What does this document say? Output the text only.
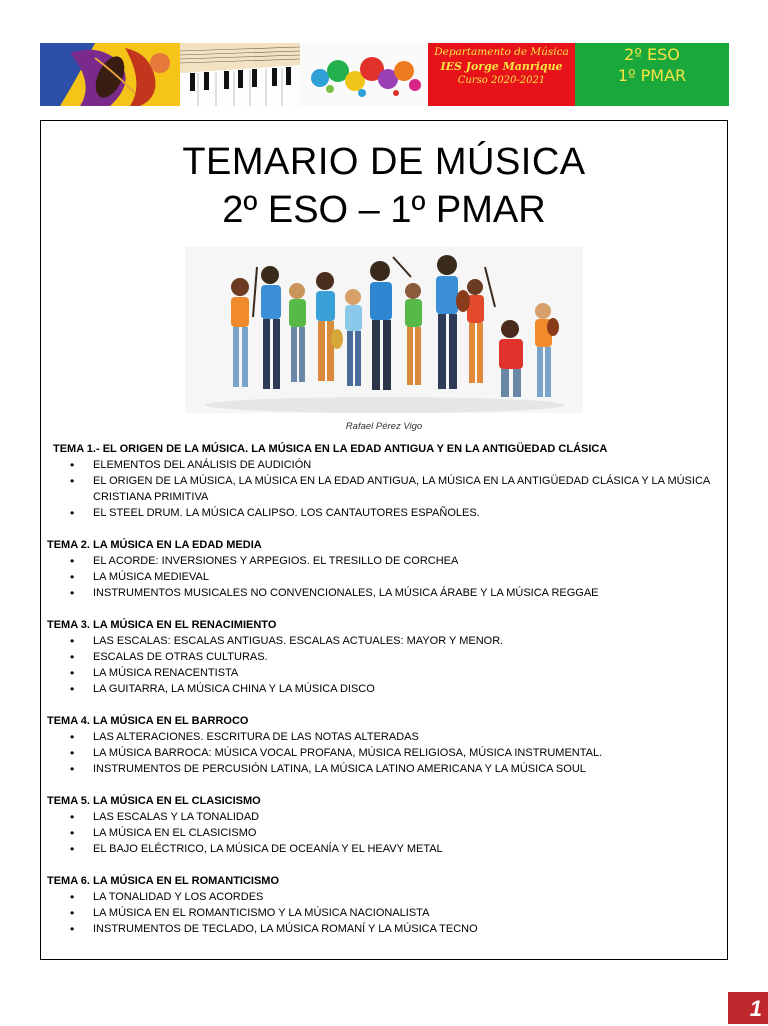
Departamento de Música
IES Jorge Manrique
Curso 2020-2021
2º ESO
1º PMAR
TEMARIO DE MÚSICA
2º ESO – 1º PMAR
Rafael Pérez Vigo
TEMA 1.- EL ORIGEN DE LA MÚSICA. LA MÚSICA EN LA EDAD ANTIGUA Y EN LA ANTIGÜEDAD CLÁSICA
• ELEMENTOS DEL ANÁLISIS DE AUDICIÓN
• EL ORIGEN DE LA MÚSICA, LA MÚSICA EN LA EDAD ANTIGUA, LA MÚSICA EN LA ANTIGÜEDAD CLÁSICA Y LA MÚSICA CRISTIANA PRIMITIVA
• EL STEEL DRUM. LA MÚSICA CALIPSO. LOS CANTAUTORES ESPAÑOLES.
TEMA 2. LA MÚSICA EN LA EDAD MEDIA
• EL ACORDE: INVERSIONES Y ARPEGIOS. EL TRESILLO DE CORCHEA
• LA MÚSICA MEDIEVAL
• INSTRUMENTOS MUSICALES NO CONVENCIONALES, LA MÚSICA ÁRABE Y LA MÚSICA REGGAE
TEMA 3. LA MÚSICA EN EL RENACIMIENTO
• LAS ESCALAS: ESCALAS ANTIGUAS. ESCALAS ACTUALES: MAYOR Y MENOR.
• ESCALAS DE OTRAS CULTURAS.
• LA MÚSICA RENACENTISTA
• LA GUITARRA, LA MÚSICA CHINA Y LA MÚSICA DISCO
TEMA 4. LA MÚSICA EN EL BARROCO
• LAS ALTERACIONES. ESCRITURA DE LAS NOTAS ALTERADAS
• LA MÚSICA BARROCA: MÚSICA VOCAL PROFANA, MÚSICA RELIGIOSA, MÚSICA INSTRUMENTAL.
• INSTRUMENTOS DE PERCUSIÓN LATINA, LA MÚSICA LATINO AMERICANA Y LA MÚSICA SOUL
TEMA 5. LA MÚSICA EN EL CLASICISMO
• LAS ESCALAS Y LA TONALIDAD
• LA MÚSICA EN EL CLASICISMO
• EL BAJO ELÉCTRICO, LA MÚSICA DE OCEANÍA Y EL HEAVY METAL
TEMA 6. LA MÚSICA EN EL ROMANTICISMO
• LA TONALIDAD Y LOS ACORDES
• LA MÚSICA EN EL ROMANTICISMO Y LA MÚSICA NACIONALISTA
• INSTRUMENTOS DE TECLADO, LA MÚSICA ROMANÍ Y LA MÚSICA TECNO
1
